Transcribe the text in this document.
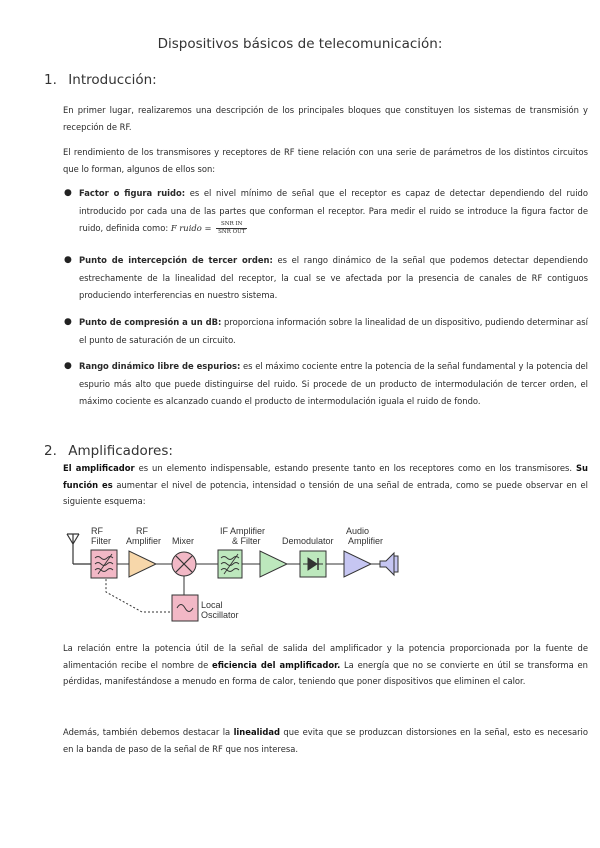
Dispositivos básicos de telecomunicación:
1. Introducción:
En primer lugar, realizaremos una descripción de los principales bloques que constituyen los sistemas de transmisión y recepción de RF.
El rendimiento de los transmisores y receptores de RF tiene relación con una serie de parámetros de los distintos circuitos que lo forman, algunos de ellos son:
● Factor o figura ruido: es el nivel mínimo de señal que el receptor es capaz de detectar dependiendo del ruido introducido por cada una de las partes que conforman el receptor. Para medir el ruido se introduce la figura factor de ruido, definida como: F ruido = $\frac{\text{SNR IN}}{\text{SNR OUT}}$
● Punto de intercepción de tercer orden: es el rango dinámico de la señal que podemos detectar dependiendo estrechamente de la linealidad del receptor, la cual se ve afectada por la presencia de canales de RF contiguos produciendo interferencias en nuestro sistema.
● Punto de compresión a un dB: proporciona información sobre la linealidad de un dispositivo, pudiendo determinar así el punto de saturación de un circuito.
● Rango dinámico libre de espurios: es el máximo cociente entre la potencia de la señal fundamental y la potencia del espurio más alto que puede distinguirse del ruido. Si procede de un producto de intermodulación de tercer orden, el máximo cociente es alcanzado cuando el producto de intermodulación iguala el ruido de fondo.
2. Amplificadores:
El amplificador es un elemento indispensable, estando presente tanto en los receptores como en los transmisores. Su función es aumentar el nivel de potencia, intensidad o tensión de una señal de entrada, como se puede observar en el siguiente esquema:
RF
Filter
RF
Amplifier Mixer
Local
Oscillator
IF Amplifier
& Filter Demodulator
Audio
Amplifier
La relación entre la potencia útil de la señal de salida del amplificador y la potencia proporcionada por la fuente de alimentación recibe el nombre de eficiencia del amplificador. La energía que no se convierte en útil se transforma en pérdidas, manifestándose a menudo en forma de calor, teniendo que poner dispositivos que eliminen el calor.
Además, también debemos destacar la linealidad que evita que se produzcan distorsiones en la señal, esto es necesario en la banda de paso de la señal de RF que nos interesa.
